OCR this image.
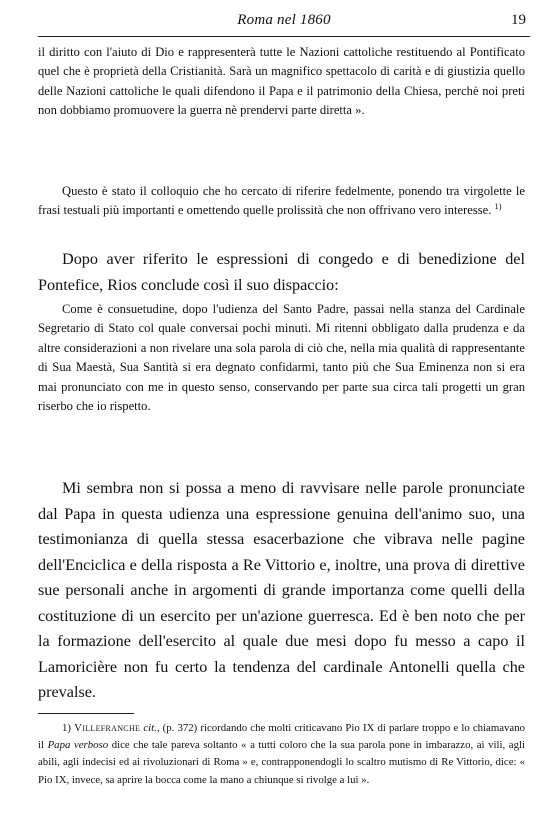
Roma nel 1860	19

il diritto con l'aiuto di Dio e rappresenterà tutte le Nazioni cattoliche restituendo al Pontificato quel che è proprietà della Cristianità. Sarà un magnifico spettacolo di carità e di giustizia quello delle Nazioni cattoliche le quali difendono il Papa e il patrimonio della Chiesa, perchè noi preti non dobbiamo promuovere la guerra nè prendervi parte diretta ».

Questo è stato il colloquio che ho cercato di riferire fedelmente, ponendo tra virgolette le frasi testuali più importanti e omettendo quelle prolissità che non offrivano vero interesse. $^{1)}$

Dopo aver riferito le espressioni di congedo e di benedizione del Pontefice, Rios conclude così il suo dispaccio:

Come è consuetudine, dopo l'udienza del Santo Padre, passai nella stanza del Cardinale Segretario di Stato col quale conversai pochi minuti. Mi ritenni obbligato dalla prudenza e da altre considerazioni a non rivelare una sola parola di ciò che, nella mia qualità di rappresentante di Sua Maestà, Sua Santità si era degnato confidarmi, tanto più che Sua Eminenza non si era mai pronunciato con me in questo senso, conservando per parte sua circa tali progetti un gran riserbo che io rispetto.

Mi sembra non si possa a meno di ravvisare nelle parole pronunciate dal Papa in questa udienza una espressione genuina dell'animo suo, una testimonianza di quella stessa esacerbazione che vibrava nelle pagine dell'Enciclica e della risposta a Re Vittorio e, inoltre, una prova di direttive sue personali anche in argomenti di grande importanza come quelli della costituzione di un esercito per un'azione guerresca. Ed è ben noto che per la formazione dell'esercito al quale due mesi dopo fu messo a capo il Lamoricière non fu certo la tendenza del cardinale Antonelli quella che prevalse.

1) Villefranche cit., (p. 372) ricordando che molti criticavano Pio IX di parlare troppo e lo chiamavano il Papa verboso dice che tale pareva soltanto « a tutti coloro che la sua parola pone in imbarazzo, ai vili, agli abili, agli indecisi ed ai rivoluzionari di Roma » e, contrapponendogli lo scaltro mutismo di Re Vittorio, dice: « Pio IX, invece, sa aprire la bocca come la mano a chiunque si rivolge a lui ».
